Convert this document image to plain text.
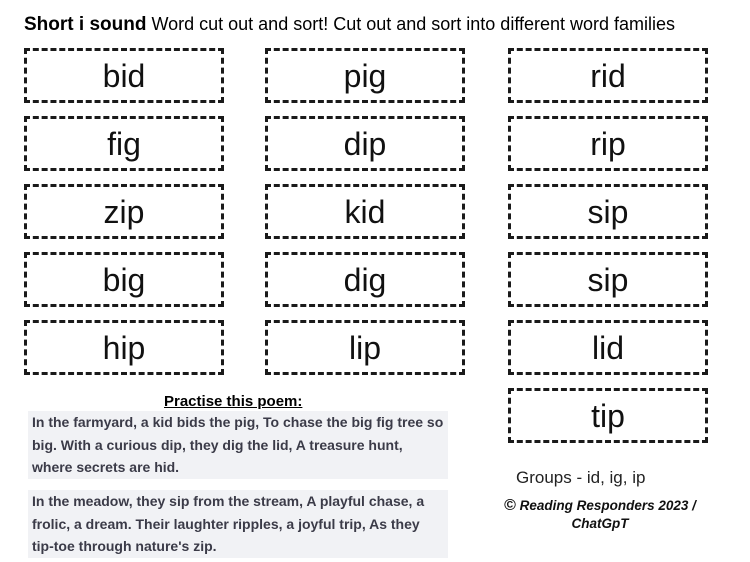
Short i sound Word cut out and sort! Cut out and sort into different word families
bid
fig
zip
big
hip
pig
dip
kid
dig
lip
rid
rip
sip
sip
lid
tip
Practise this poem:
In the farmyard, a kid bids the pig, To chase the big fig tree so big. With a curious dip, they dig the lid, A treasure hunt, where secrets are hid.
In the meadow, they sip from the stream, A playful chase, a frolic, a dream. Their laughter ripples, a joyful trip, As they tip-toe through nature's zip.
Groups - id, ig, ip
© Reading Responders 2023 /
ChatGpT
